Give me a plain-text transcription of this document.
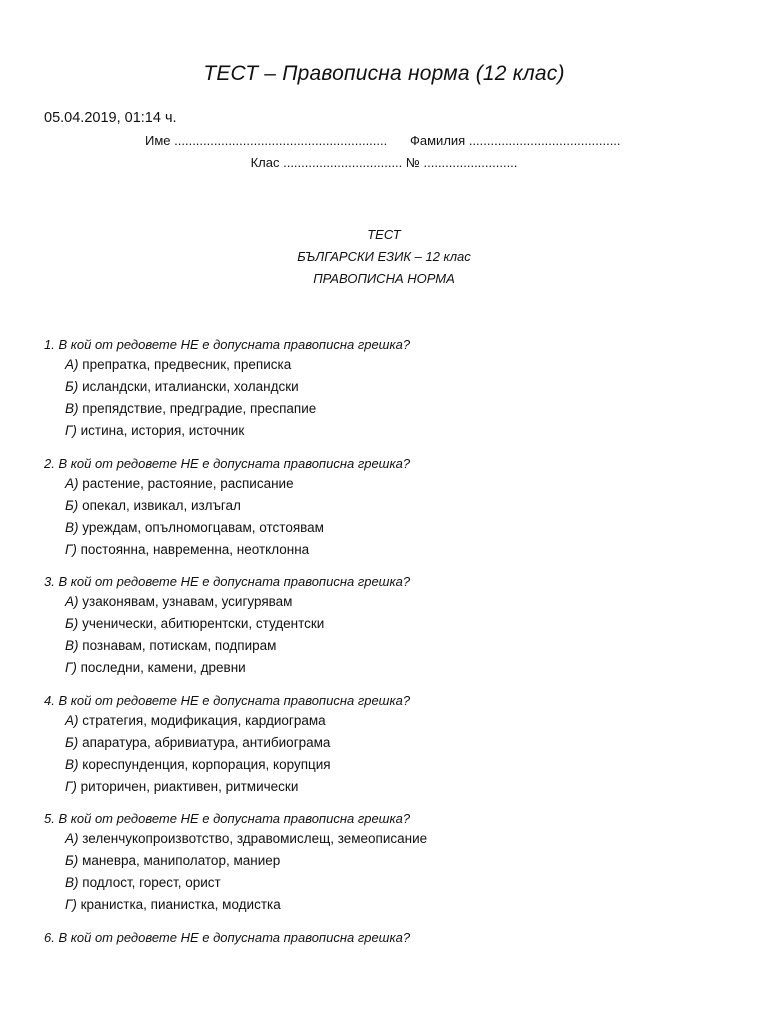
ТЕСТ – Правописна норма (12 клас)
05.04.2019, 01:14 ч.
Име ........................................................... Фамилия ..........................................
Клас ................................. № ..........................
ТЕСТ
БЪЛГАРСКИ ЕЗИК – 12 клас
ПРАВОПИСНА НОРМА
1. В кой от редовете НЕ е допусната правописна грешка?
А) препратка, предвесник, преписка
Б) исландски, италиански, холандски
В) препядствие, предградие, преспапие
Г) истина, история, источник
2. В кой от редовете НЕ е допусната правописна грешка?
А) растение, растояние, расписание
Б) опекал, извикал, излъгал
В) уреждам, опълномогцавам, отстоявам
Г) постоянна, навременна, неотклонна
3. В кой от редовете НЕ е допусната правописна грешка?
А) узаконявам, узнавам, усигурявам
Б) ученически, абитюрентски, студентски
В) познавам, потискам, подпирам
Г) последни, камени, древни
4. В кой от редовете НЕ е допусната правописна грешка?
А) стратегия, модификация, кардиограма
Б) апаратура, абривиатура, антибиограма
В) кореспунденция, корпорация, корупция
Г) риторичен, риактивен, ритмически
5. В кой от редовете НЕ е допусната правописна грешка?
А) зеленчукопроизвотство, здравомислещ, земеописание
Б) маневра, маниполатор, маниер
В) подлост, горест, орист
Г) кранистка, пианистка, модистка
6. В кой от редовете НЕ е допусната правописна грешка?
